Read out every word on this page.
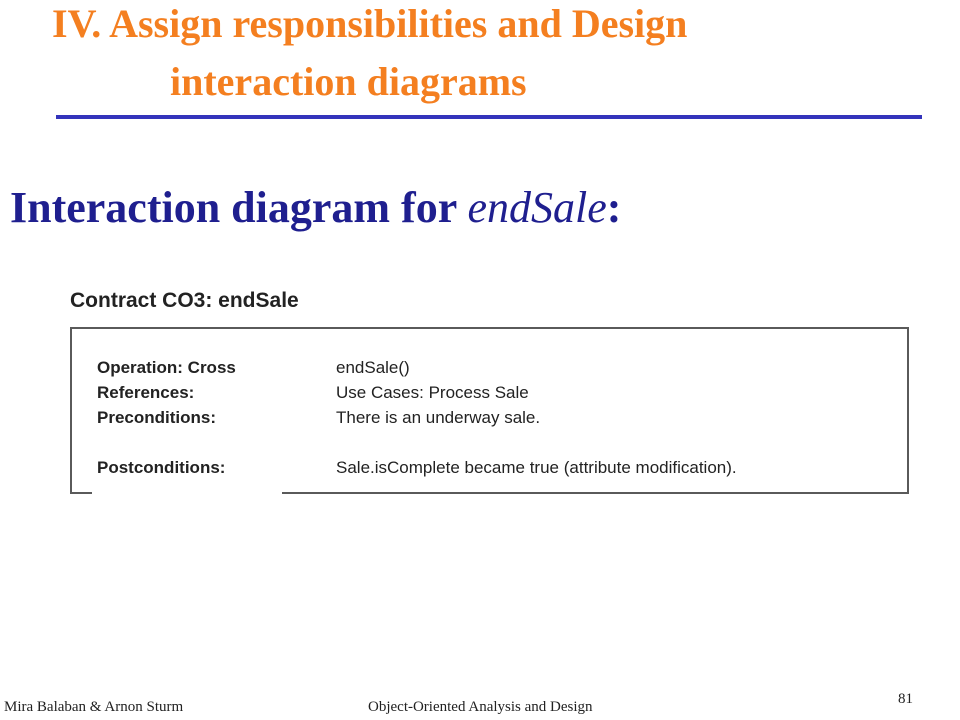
IV. Assign responsibilities and Design
interaction diagrams
Interaction diagram for endSale:
Contract CO3: endSale
Operation: Cross	endSale()
References:	Use Cases: Process Sale
Preconditions:	There is an underway sale.
Postconditions:	Sale.isComplete became true (attribute modification).
Mira Balaban & Arnon Sturm	Object-Oriented Analysis and Design	81
